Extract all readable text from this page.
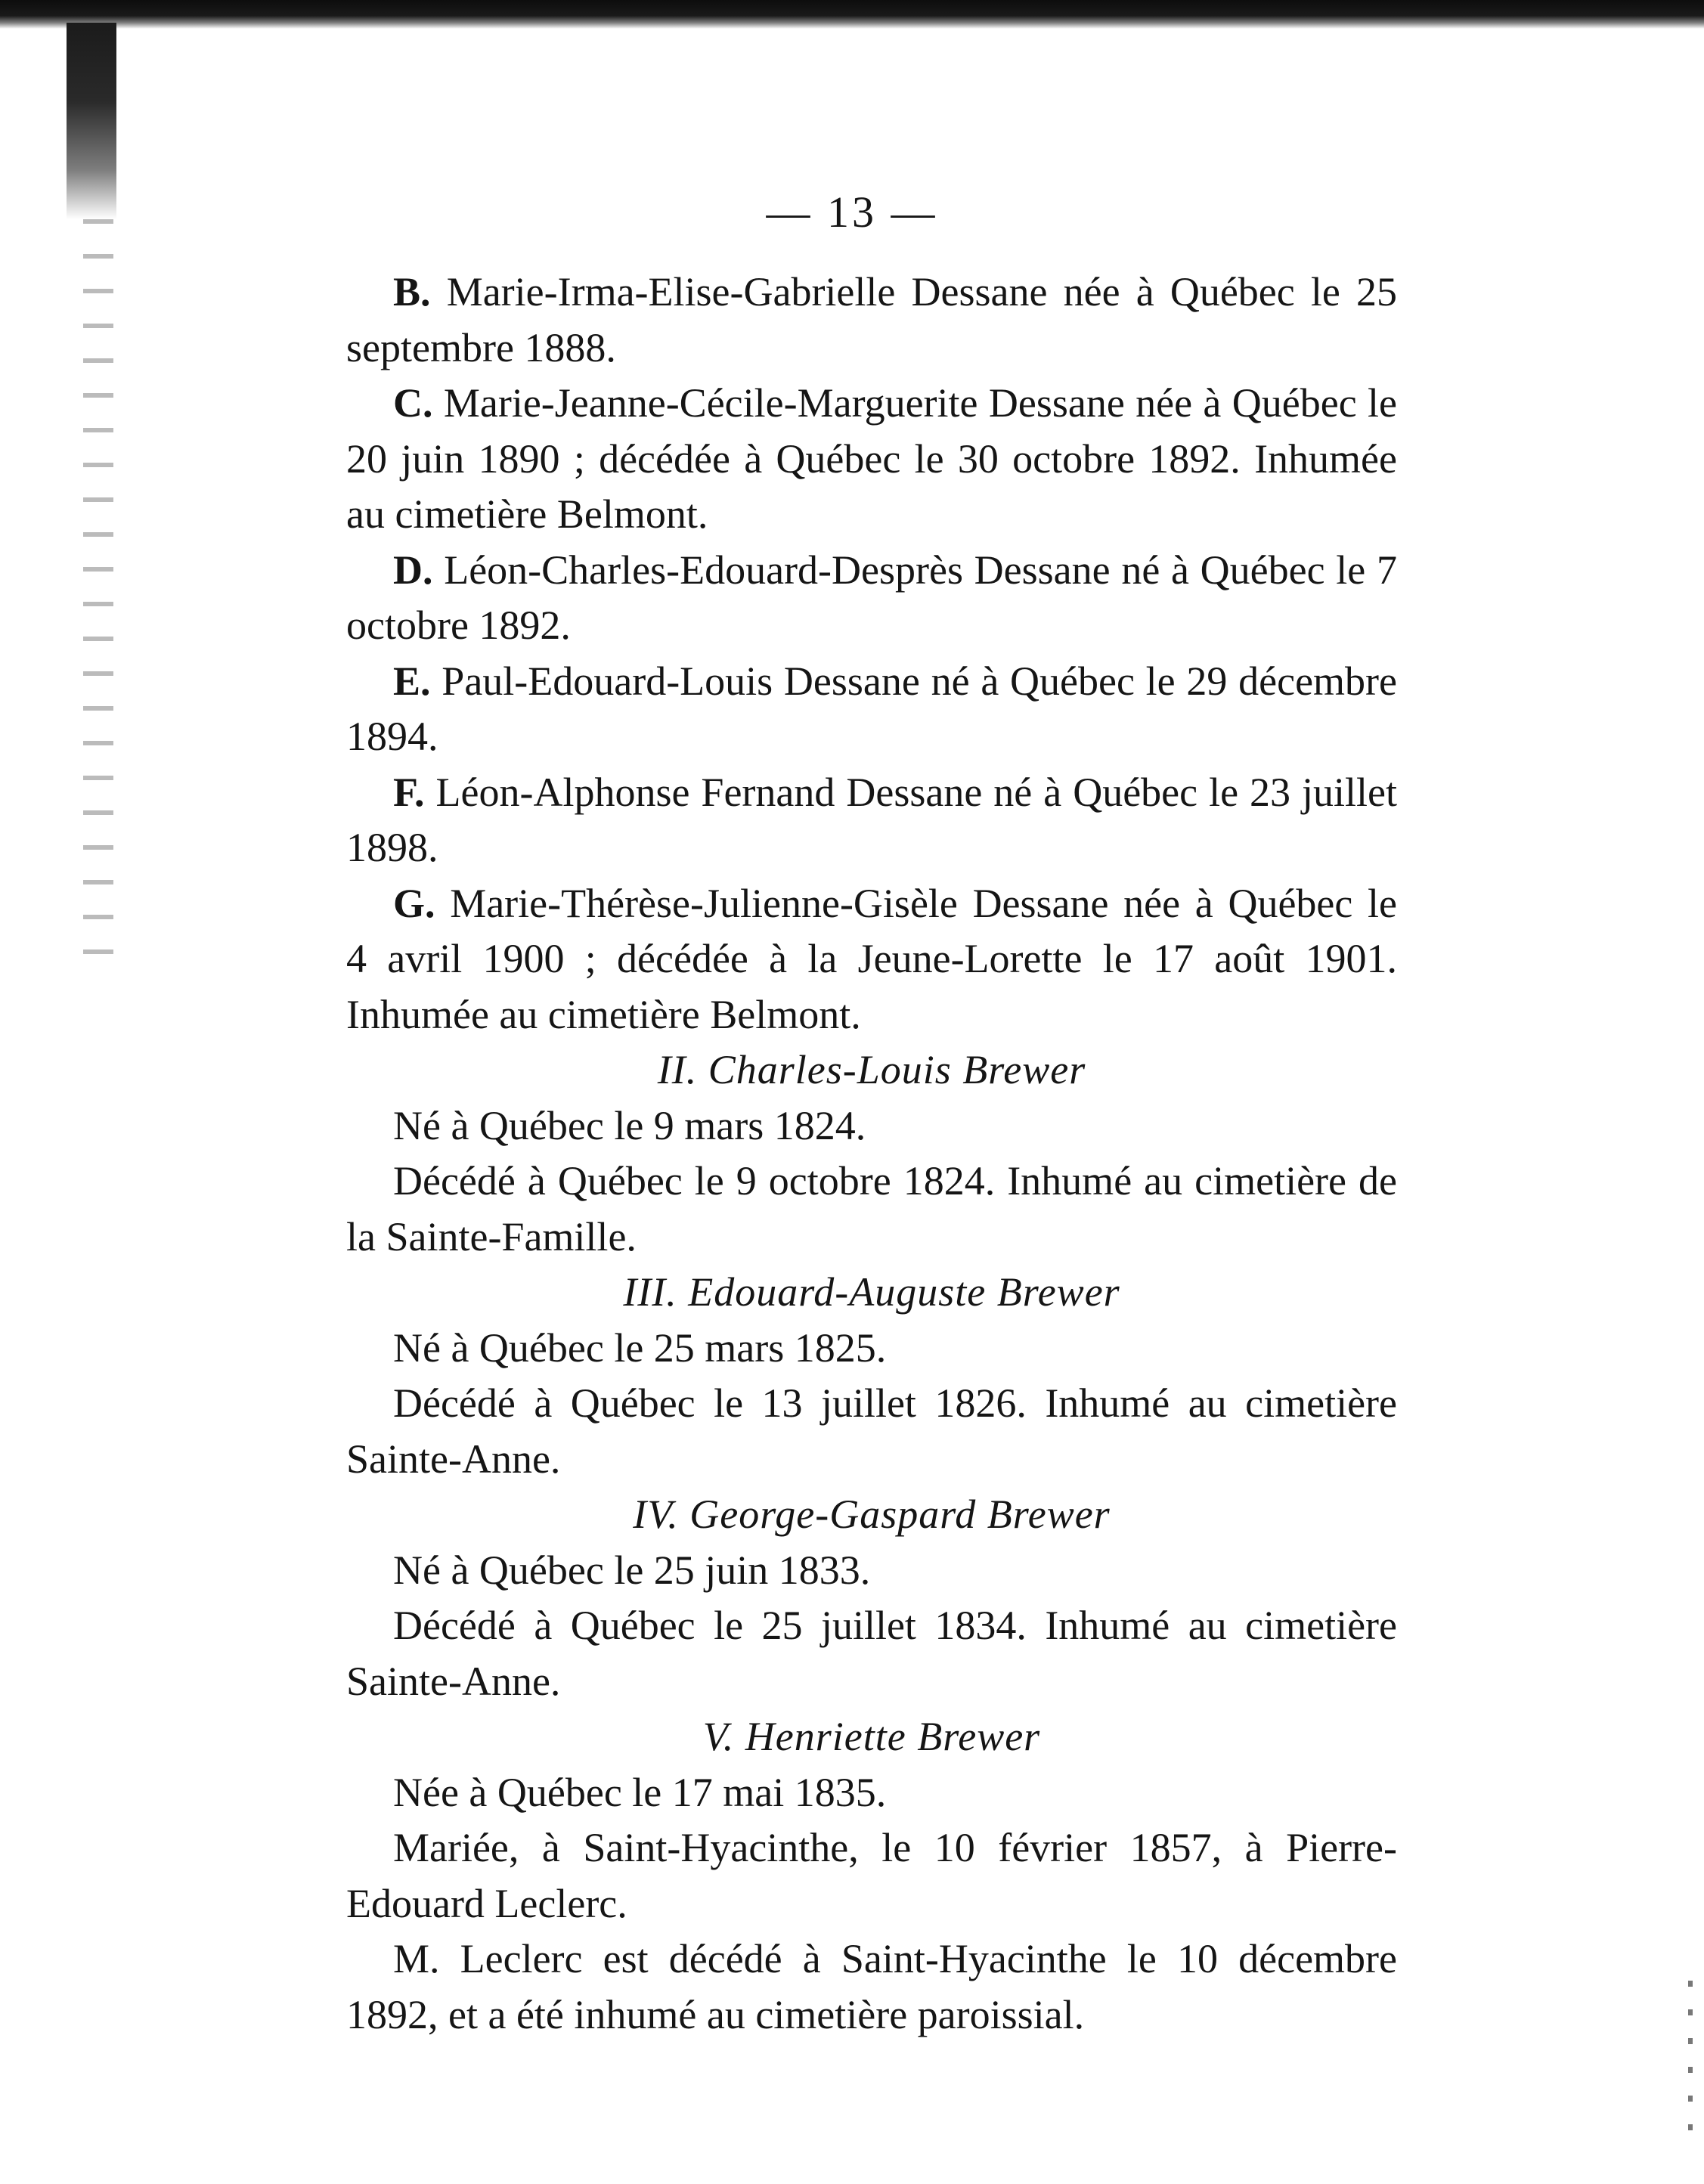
— 13 —

B. Marie-Irma-Elise-Gabrielle Dessane née à Québec le 25 septembre 1888.

C. Marie-Jeanne-Cécile-Marguerite Dessane née à Québec le 20 juin 1890 ; décédée à Québec le 30 octobre 1892. Inhumée au cimetière Belmont.

D. Léon-Charles-Edouard-Desprès Dessane né à Québec le 7 octobre 1892.

E. Paul-Edouard-Louis Dessane né à Québec le 29 décembre 1894.

F. Léon-Alphonse Fernand Dessane né à Québec le 23 juillet 1898.

G. Marie-Thérèse-Julienne-Gisèle Dessane née à Québec le 4 avril 1900 ; décédée à la Jeune-Lorette le 17 août 1901. Inhumée au cimetière Belmont.

II. Charles-Louis Brewer

Né à Québec le 9 mars 1824.

Décédé à Québec le 9 octobre 1824. Inhumé au cimetière de la Sainte-Famille.

III. Edouard-Auguste Brewer

Né à Québec le 25 mars 1825.

Décédé à Québec le 13 juillet 1826. Inhumé au cimetière Sainte-Anne.

IV. George-Gaspard Brewer

Né à Québec le 25 juin 1833.

Décédé à Québec le 25 juillet 1834. Inhumé au cimetière Sainte-Anne.

V. Henriette Brewer

Née à Québec le 17 mai 1835.

Mariée, à Saint-Hyacinthe, le 10 février 1857, à Pierre-Edouard Leclerc.

M. Leclerc est décédé à Saint-Hyacinthe le 10 décembre 1892, et a été inhumé au cimetière paroissial.
